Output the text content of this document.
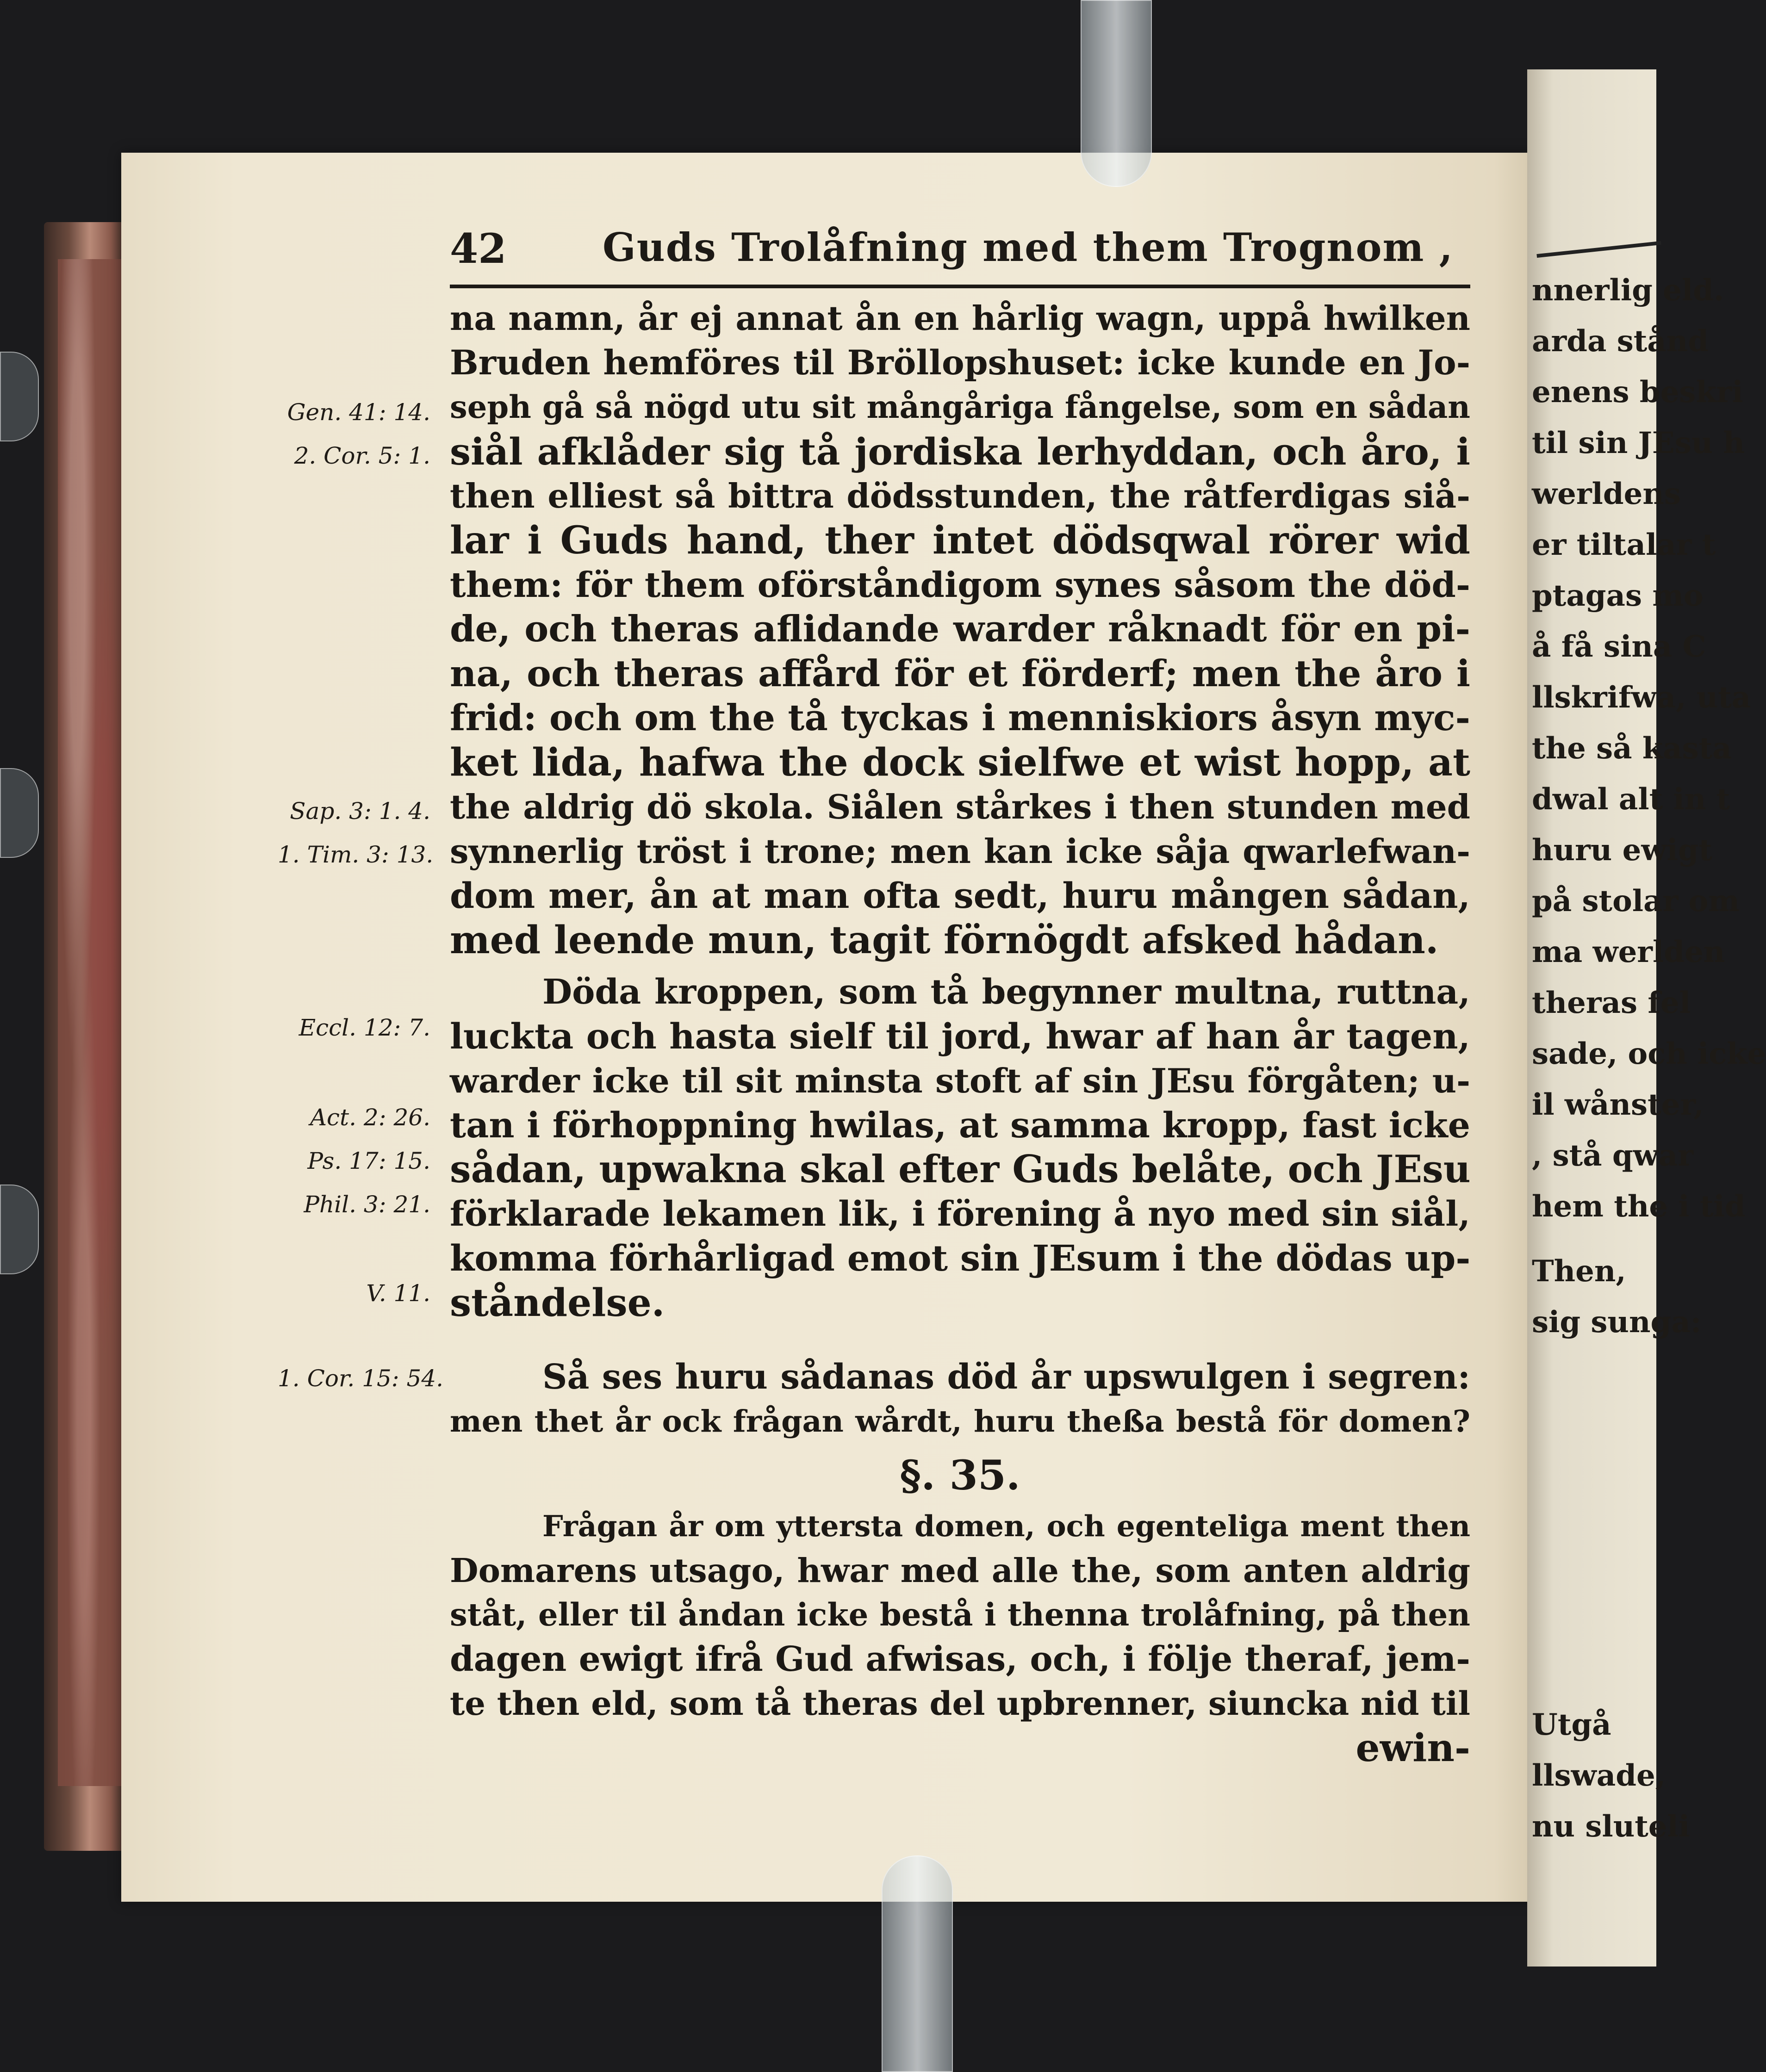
nnerlig eld.
arda stånd
enens beskri
til sin JEsu h
werldens
er tiltalar t
ptagas mo
å få sina C
llskrifwa, uta
the så kasta
dwal alt in t
huru ewigt
på stolar om
ma werlden
theras fel
sade, och icke
il wånster,
, stå qwar
hem the i tid
Then,
sig sunga:
Utgå
llswade,
nu sluteli
42 Guds Trolåfning med them Trognom ,
Gen. 41: 14.
2. Cor. 5: 1.
Sap. 3: 1. 4.
1. Tim. 3: 13.
Eccl. 12: 7.
Act. 2: 26.
Ps. 17: 15.
Phil. 3: 21.
V. 11.
1. Cor. 15: 54.
na namn, år ej annat ån en hårlig wagn, uppå hwilken
Bruden hemföres til Bröllopshuset: icke kunde en Jo-
seph gå så nögd utu sit mångåriga fångelse, som en sådan
siål afklåder sig tå jordiska lerhyddan, och åro, i
then elliest så bittra dödsstunden, the råtferdigas siå-
lar i Guds hand, ther intet dödsqwal rörer wid
them: för them oförståndigom synes såsom the död-
de, och theras aflidande warder råknadt för en pi-
na, och theras affård för et förderf; men the åro i
frid: och om the tå tyckas i menniskiors åsyn myc-
ket lida, hafwa the dock sielfwe et wist hopp, at
the aldrig dö skola. Siålen stårkes i then stunden med
synnerlig tröst i trone; men kan icke såja qwarlefwan-
dom mer, ån at man ofta sedt, huru mången sådan,
med leende mun, tagit förnögdt afsked hådan.
Döda kroppen, som tå begynner multna, ruttna,
luckta och hasta sielf til jord, hwar af han år tagen,
warder icke til sit minsta stoft af sin JEsu förgåten; u-
tan i förhoppning hwilas, at samma kropp, fast icke
sådan, upwakna skal efter Guds belåte, och JEsu
förklarade lekamen lik, i förening å nyo med sin siål,
komma förhårligad emot sin JEsum i the dödas up-
ståndelse.
Så ses huru sådanas död år upswulgen i segren:
men thet år ock frågan wårdt, huru theßa bestå för domen?
§. 35.
Frågan år om yttersta domen, och egenteliga ment then
Domarens utsago, hwar med alle the, som anten aldrig
ståt, eller til åndan icke bestå i thenna trolåfning, på then
dagen ewigt ifrå Gud afwisas, och, i följe theraf, jem-
te then eld, som tå theras del upbrenner, siuncka nid til
ewin-
